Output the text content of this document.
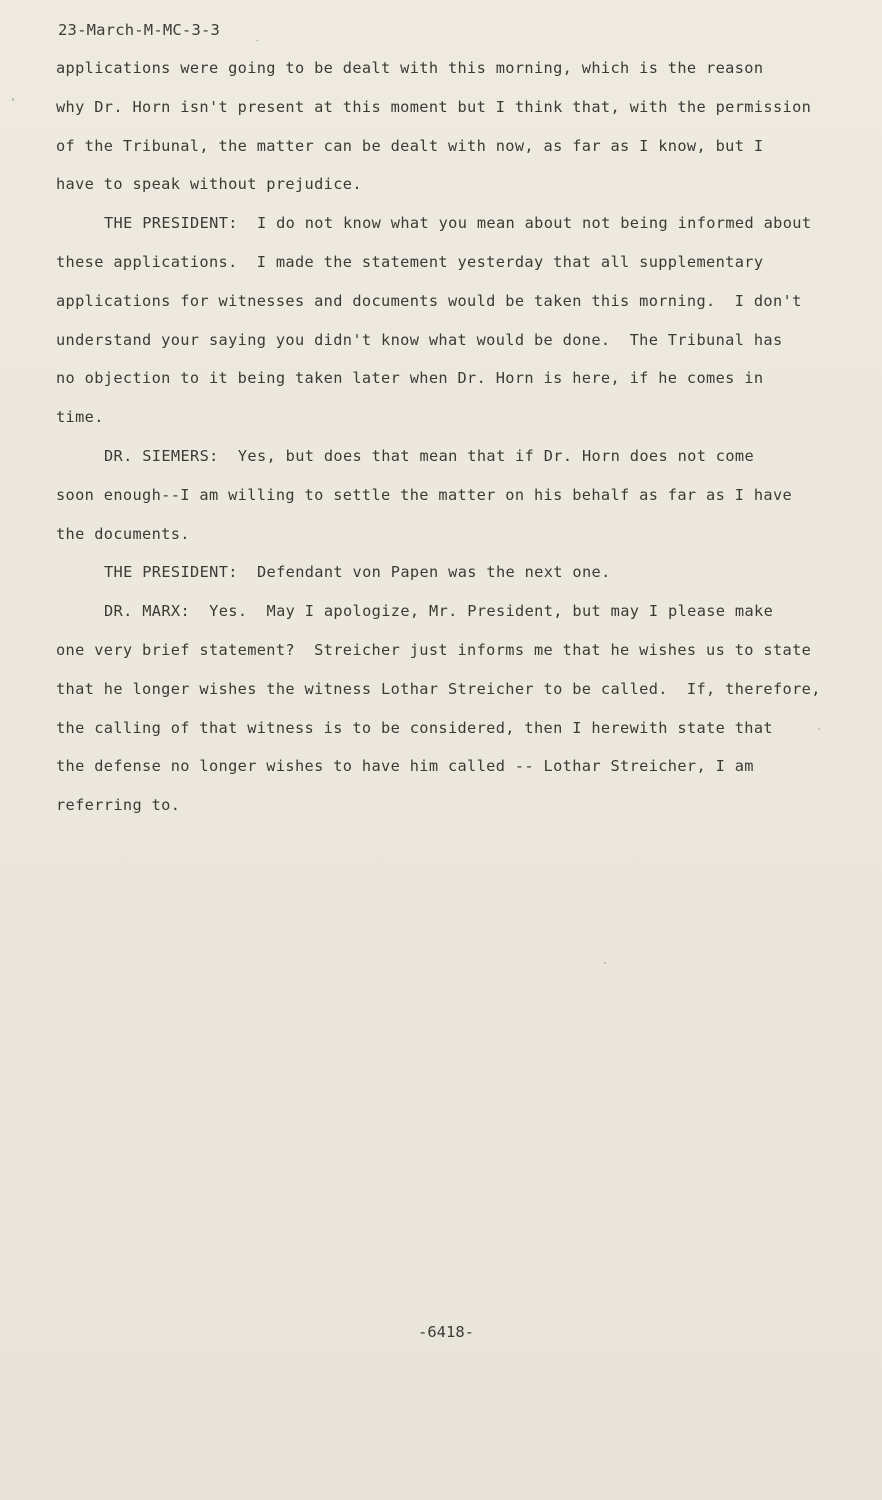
23-March-M-MC-3-3
applications were going to be dealt with this morning, which is the reason
why Dr. Horn isn't present at this moment but I think that, with the permission
of the Tribunal, the matter can be dealt with now, as far as I know, but I
have to speak without prejudice.
THE PRESIDENT:  I do not know what you mean about not being informed about
these applications.  I made the statement yesterday that all supplementary
applications for witnesses and documents would be taken this morning.  I don't
understand your saying you didn't know what would be done.  The Tribunal has
no objection to it being taken later when Dr. Horn is here, if he comes in
time.
DR. SIEMERS:  Yes, but does that mean that if Dr. Horn does not come
soon enough--I am willing to settle the matter on his behalf as far as I have
the documents.
THE PRESIDENT:  Defendant von Papen was the next one.
DR. MARX:  Yes.  May I apologize, Mr. President, but may I please make
one very brief statement?  Streicher just informs me that he wishes us to state
that he longer wishes the witness Lothar Streicher to be called.  If, therefore,
the calling of that witness is to be considered, then I herewith state that
the defense no longer wishes to have him called -- Lothar Streicher, I am
referring to.
-6418-
